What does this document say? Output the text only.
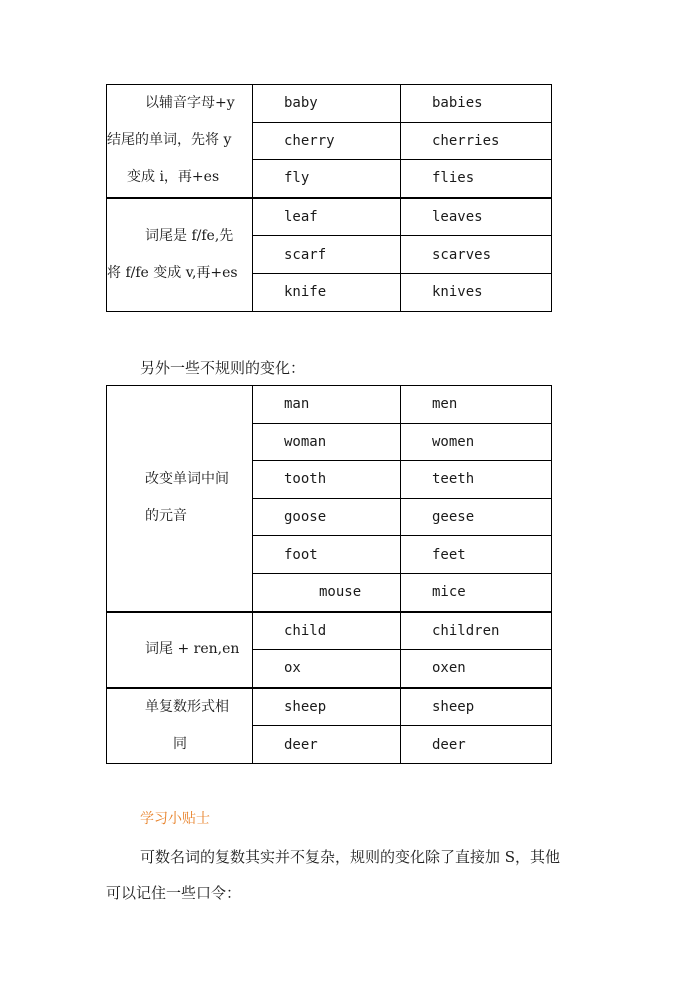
以辅音字母+y
结尾的单词，先将 y
变成 i，再+es	baby	babies
	cherry	cherries
	fly	flies

词尾是 f/fe,先
将 f/fe 变成 v,再+es	leaf	leaves
	scarf	scarves
	knife	knives
另外一些不规则的变化：
改变单词中间
的元音	man	men
	woman	women
	tooth	teeth
	goose	geese
	foot	feet
	mouse	mice

词尾 + ren,en	child	children
	ox	oxen

单复数形式相
同	sheep	sheep
	deer	deer
学习小贴士
可数名词的复数其实并不复杂，规则的变化除了直接加 S，其他
可以记住一些口令：
